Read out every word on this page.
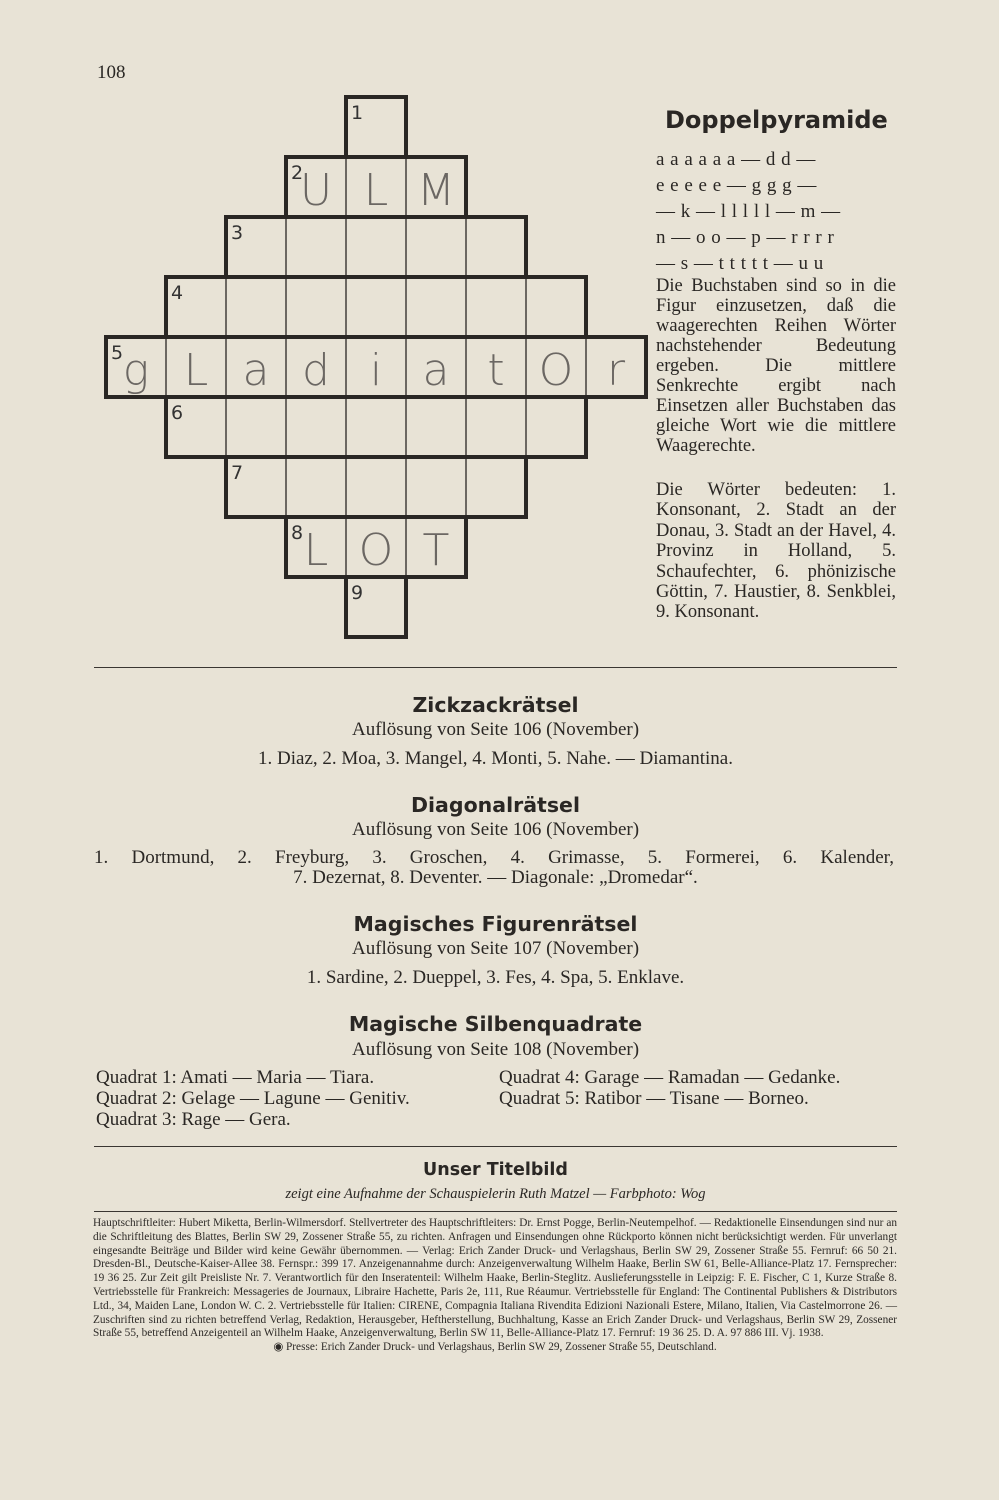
108
1
2
3
4
5
6
7
8
9
U L M
g L a d i a t O r
L O T
Doppelpyramide
a a a a a a — d d —
e e e e e — g g g —
— k — l l l l l — m —
n — o o — p — r r r r
— s — t t t t t — u u

Die Buchstaben sind so in die Figur einzusetzen, daß die waagerechten Reihen Wörter nachstehender Bedeutung ergeben. Die mittlere Senkrechte ergibt nach Einsetzen aller Buchstaben das gleiche Wort wie die mittlere Waagerechte.

Die Wörter bedeuten: 1. Konsonant, 2. Stadt an der Donau, 3. Stadt an der Havel, 4. Provinz in Holland, 5. Schaufechter, 6. phönizische Göttin, 7. Haustier, 8. Senkblei, 9. Konsonant.

Zickzackrätsel
Auflösung von Seite 106 (November)
1. Diaz, 2. Moa, 3. Mangel, 4. Monti, 5. Nahe. — Diamantina.
Diagonalrätsel
Auflösung von Seite 106 (November)
1. Dortmund, 2. Freyburg, 3. Groschen, 4. Grimasse, 5. Formerei, 6. Kalender,
7. Dezernat, 8. Deventer. — Diagonale: „Dromedar“.
Magisches Figurenrätsel
Auflösung von Seite 107 (November)
1. Sardine, 2. Dueppel, 3. Fes, 4. Spa, 5. Enklave.
Magische Silbenquadrate
Auflösung von Seite 108 (November)
Quadrat 1: Amati — Maria — Tiara.
Quadrat 2: Gelage — Lagune — Genitiv.
Quadrat 3: Rage — Gera.
Quadrat 4: Garage — Ramadan — Gedanke.
Quadrat 5: Ratibor — Tisane — Borneo.
Unser Titelbild
zeigt eine Aufnahme der Schauspielerin Ruth Matzel — Farbphoto: Wog

Hauptschriftleiter: Hubert Miketta, Berlin-Wilmersdorf. Stellvertreter des Hauptschriftleiters: Dr. Ernst Pogge, Berlin-Neutempelhof. — Redaktionelle Einsendungen sind nur an die Schriftleitung des Blattes, Berlin SW 29, Zossener Straße 55, zu richten. Anfragen und Einsendungen ohne Rückporto können nicht berücksichtigt werden. Für unverlangt eingesandte Beiträge und Bilder wird keine Gewähr übernommen. — Verlag: Erich Zander Druck- und Verlagshaus, Berlin SW 29, Zossener Straße 55. Fernruf: 66 50 21. Dresden-Bl., Deutsche-Kaiser-Allee 38. Fernspr.: 399 17. Anzeigenannahme durch: Anzeigenverwaltung Wilhelm Haake, Berlin SW 61, Belle-Alliance-Platz 17. Fernsprecher: 19 36 25. Zur Zeit gilt Preisliste Nr. 7. Verantwortlich für den Inseratenteil: Wilhelm Haake, Berlin-Steglitz. Auslieferungsstelle in Leipzig: F. E. Fischer, C 1, Kurze Straße 8. Vertriebsstelle für Frankreich: Messageries de Journaux, Libraire Hachette, Paris 2e, 111, Rue Réaumur. Vertriebsstelle für England: The Continental Publishers & Distributors Ltd., 34, Maiden Lane, London W. C. 2. Vertriebsstelle für Italien: CIRENE, Compagnia Italiana Rivendita Edizioni Nazionali Estere, Milano, Italien, Via Castelmorrone 26. — Zuschriften sind zu richten betreffend Verlag, Redaktion, Herausgeber, Heftherstellung, Buchhaltung, Kasse an Erich Zander Druck- und Verlagshaus, Berlin SW 29, Zossener Straße 55, betreffend Anzeigenteil an Wilhelm Haake, Anzeigenverwaltung, Berlin SW 11, Belle-Alliance-Platz 17. Fernruf: 19 36 25. D. A. 97 886 III. Vj. 1938.

◉ Presse: Erich Zander Druck- und Verlagshaus, Berlin SW 29, Zossener Straße 55, Deutschland.
